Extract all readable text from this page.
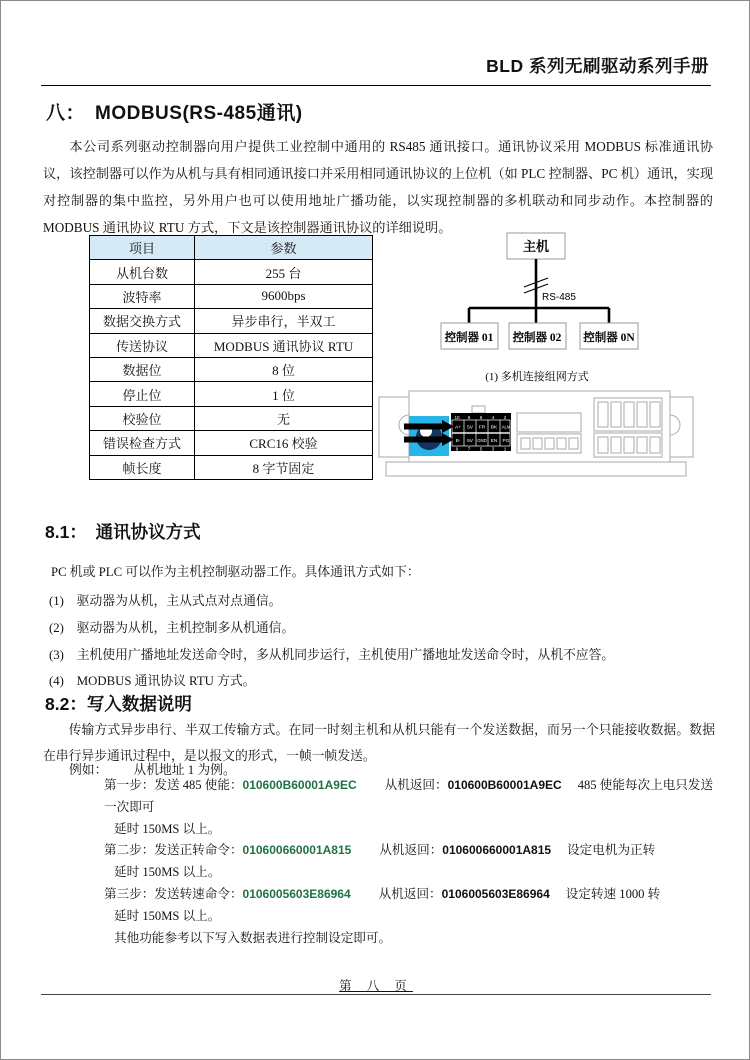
BLD 系列无刷驱动系列手册
八：　MODBUS(RS-485通讯)
本公司系列驱动控制器向用户提供工业控制中通用的 RS485 通讯接口。通讯协议采用 MODBUS 标准通讯协议，该控制器可以作为从机与具有相同通讯接口并采用相同通讯协议的上位机（如 PLC 控制器、PC 机）通讯，实现对控制器的集中监控，另外用户也可以使用地址广播功能，以实现控制器的多机联动和同步动作。本控制器的 MODBUS 通讯协议 RTU 方式，下文是该控制器通讯协议的详细说明。
项目	参数
从机台数	255 台
波特率	9600bps
数据交换方式	异步串行，半双工
传送协议	MODBUS 通讯协议 RTU
数据位	8 位
停止位	1 位
校验位	无
错误检查方式	CRC16 校验
帧长度	8 字节固定
主机
RS-485
控制器 01 控制器 02 控制器 0N
(1) 多机连接组网方式
10 8 6 4 2
A+ 5V FR BK ALM
B- 5V GND EN PG
9 7 5 3 1
8.1：　通讯协议方式
PC 机或 PLC 可以作为主机控制驱动器工作。具体通讯方式如下：
(1)　驱动器为从机，主从式点对点通信。
(2)　驱动器为从机，主机控制多从机通信。
(3)　主机使用广播地址发送命令时，多从机同步运行，主机使用广播地址发送命令时，从机不应答。
(4)　MODBUS 通讯协议 RTU 方式。
8.2：写入数据说明
传输方式异步串行、半双工传输方式。在同一时刻主机和从机只能有一个发送数据，而另一个只能接收数据。数据在串行异步通讯过程中，是以报文的形式，一帧一帧发送。
例如： 从机地址 1 为例。
第一步：发送 485 使能：010600B60001A9EC 从机返回：010600B60001A9EC 485 使能每次上电只发送一次即可
延时 150MS 以上。
第二步：发送正转命令：010600660001A815 从机返回：010600660001A815 设定电机为正转
延时 150MS 以上。
第三步：发送转速命令：0106005603E86964 从机返回：0106005603E86964 设定转速 1000 转
延时 150MS 以上。
其他功能参考以下写入数据表进行控制设定即可。
第 八 页
